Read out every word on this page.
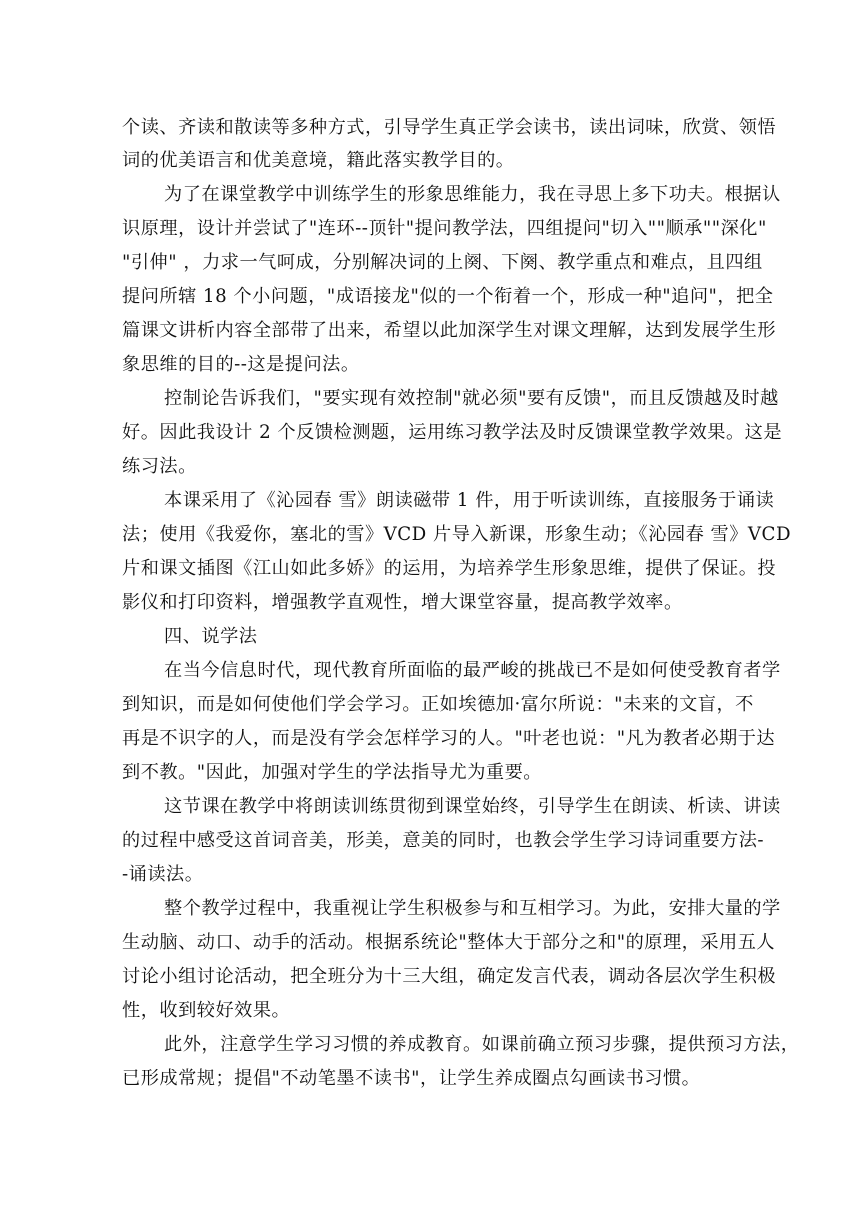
个读、齐读和散读等多种方式，引导学生真正学会读书，读出词味，欣赏、领悟
词的优美语言和优美意境，籍此落实教学目的。
为了在课堂教学中训练学生的形象思维能力，我在寻思上多下功夫。根据认
识原理，设计并尝试了"连环--顶针"提问教学法，四组提问"切入""顺承""深化"
"引伸" ，力求一气呵成，分别解决词的上阕、下阕、教学重点和难点，且四组
提问所辖 18 个小问题，"成语接龙"似的一个衔着一个，形成一种"追问"，把全
篇课文讲析内容全部带了出来，希望以此加深学生对课文理解，达到发展学生形
象思维的目的--这是提问法。
控制论告诉我们，"要实现有效控制"就必须"要有反馈"，而且反馈越及时越
好。因此我设计 2 个反馈检测题，运用练习教学法及时反馈课堂教学效果。这是
练习法。
本课采用了《沁园春 雪》朗读磁带 1 件，用于听读训练，直接服务于诵读
法；使用《我爱你，塞北的雪》VCD 片导入新课，形象生动；《沁园春 雪》VCD
片和课文插图《江山如此多娇》的运用，为培养学生形象思维，提供了保证。投
影仪和打印资料，增强教学直观性，增大课堂容量，提高教学效率。
四、说学法
在当今信息时代，现代教育所面临的最严峻的挑战已不是如何使受教育者学
到知识，而是如何使他们学会学习。正如埃德加·富尔所说："未来的文盲，不
再是不识字的人，而是没有学会怎样学习的人。"叶老也说："凡为教者必期于达
到不教。"因此，加强对学生的学法指导尤为重要。
这节课在教学中将朗读训练贯彻到课堂始终，引导学生在朗读、析读、讲读
的过程中感受这首词音美，形美，意美的同时，也教会学生学习诗词重要方法-
-诵读法。
整个教学过程中，我重视让学生积极参与和互相学习。为此，安排大量的学
生动脑、动口、动手的活动。根据系统论"整体大于部分之和"的原理，采用五人
讨论小组讨论活动，把全班分为十三大组，确定发言代表，调动各层次学生积极
性，收到较好效果。
此外，注意学生学习习惯的养成教育。如课前确立预习步骤，提供预习方法，
已形成常规；提倡"不动笔墨不读书"，让学生养成圈点勾画读书习惯。
